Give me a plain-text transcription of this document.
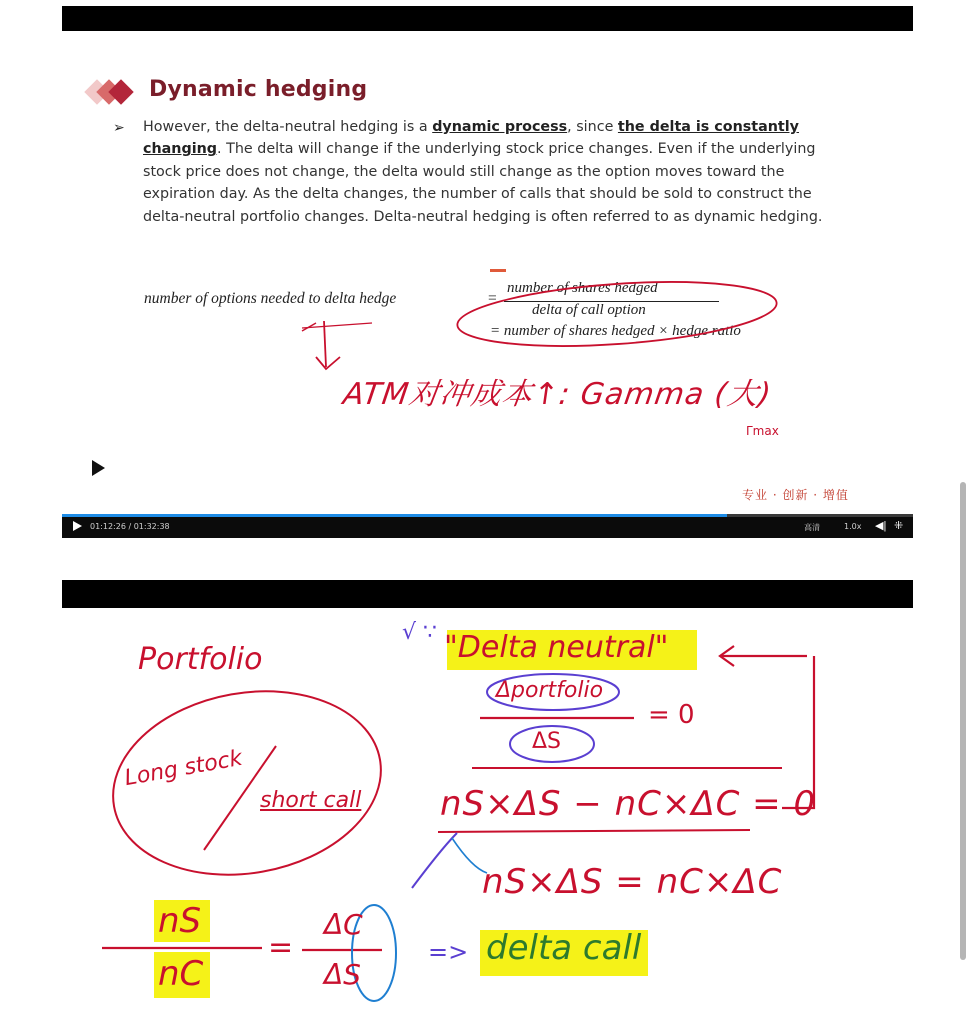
Dynamic hedging
➢ However, the delta-neutral hedging is a dynamic process, since the delta is constantly changing. The delta will change if the underlying stock price changes. Even if the underlying stock price does not change, the delta would still change as the option moves toward the expiration day. As the delta changes, the number of calls that should be sold to construct the delta-neutral portfolio changes. Delta-neutral hedging is often referred to as dynamic hedging.
number of options needed to delta hedge	=
number of shares hedged
delta of call option
= number of shares hedged × hedge ratio
ATM对冲成本↑: Gamma (大)
Γmax
专业 · 创新 · 增值
01:12:26 / 01:32:38	高清	1.0x ◀| ⁜
Portfolio
Long stock
short call
√ ∵ "Delta neutral"
Δportfolio
ΔS
= 0
nS×ΔS − nC×ΔC = 0
nS×ΔS = nC×ΔC
nS
nC
=
ΔC
ΔS
=> delta call
